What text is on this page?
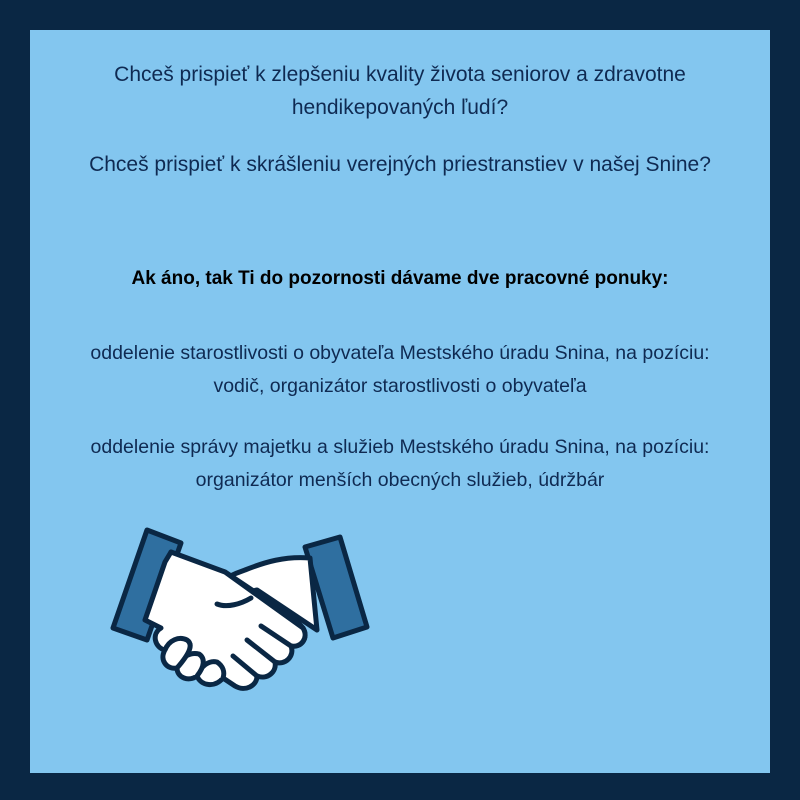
Chceš prispieť k zlepšeniu kvality života seniorov a zdravotne hendikepovaných ľudí?

Chceš prispieť k skrášleniu verejných priestranstiev v našej Snine?

Ak áno, tak Ti do pozornosti dávame dve pracovné ponuky:

oddelenie starostlivosti o obyvateľa Mestského úradu Snina, na pozíciu:
vodič, organizátor starostlivosti o obyvateľa
oddelenie správy majetku a služieb Mestského úradu Snina, na pozíciu:
organizátor menších obecných služieb, údržbár
